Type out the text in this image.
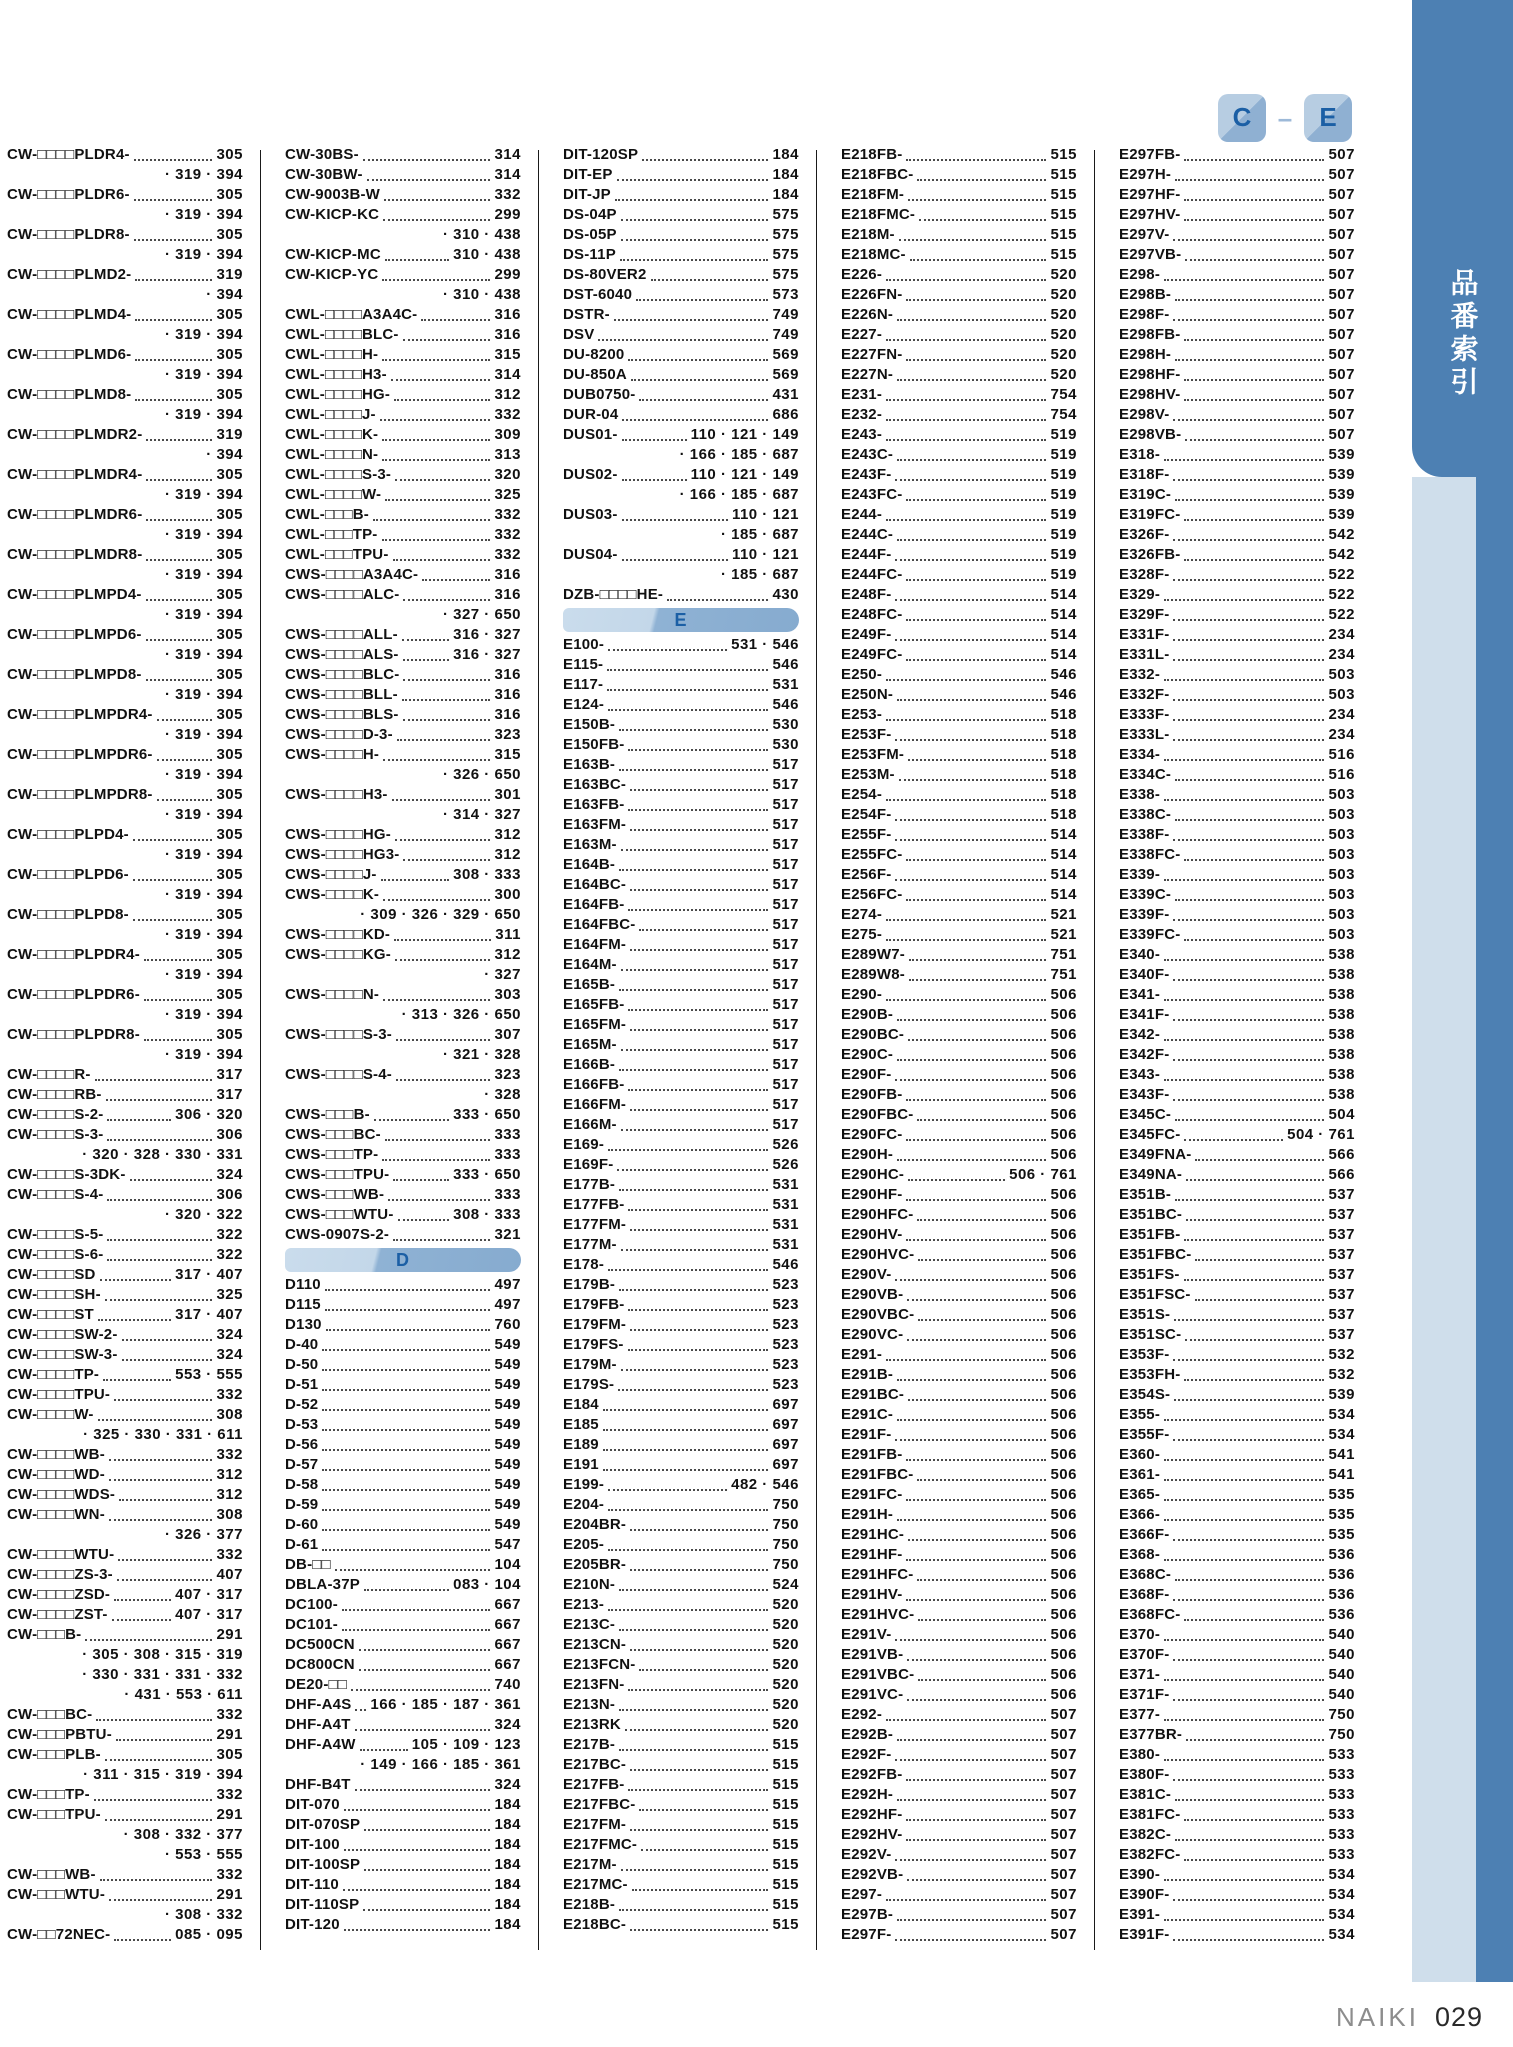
品番索引
C	–	E
CW-□□□□PLDR4-	305
· 319 · 394
CW-□□□□PLDR6-	305
· 319 · 394
CW-□□□□PLDR8-	305
· 319 · 394
CW-□□□□PLMD2-	319
· 394
CW-□□□□PLMD4-	305
· 319 · 394
CW-□□□□PLMD6-	305
· 319 · 394
CW-□□□□PLMD8-	305
· 319 · 394
CW-□□□□PLMDR2-	319
· 394
CW-□□□□PLMDR4-	305
· 319 · 394
CW-□□□□PLMDR6-	305
· 319 · 394
CW-□□□□PLMDR8-	305
· 319 · 394
CW-□□□□PLMPD4-	305
· 319 · 394
CW-□□□□PLMPD6-	305
· 319 · 394
CW-□□□□PLMPD8-	305
· 319 · 394
CW-□□□□PLMPDR4-	305
· 319 · 394
CW-□□□□PLMPDR6-	305
· 319 · 394
CW-□□□□PLMPDR8-	305
· 319 · 394
CW-□□□□PLPD4-	305
· 319 · 394
CW-□□□□PLPD6-	305
· 319 · 394
CW-□□□□PLPD8-	305
· 319 · 394
CW-□□□□PLPDR4-	305
· 319 · 394
CW-□□□□PLPDR6-	305
· 319 · 394
CW-□□□□PLPDR8-	305
· 319 · 394
CW-□□□□R-	317
CW-□□□□RB-	317
CW-□□□□S-2-	306 · 320
CW-□□□□S-3-	306
· 320 · 328 · 330 · 331
CW-□□□□S-3DK-	324
CW-□□□□S-4-	306
· 320 · 322
CW-□□□□S-5-	322
CW-□□□□S-6-	322
CW-□□□□SD	317 · 407
CW-□□□□SH-	325
CW-□□□□ST	317 · 407
CW-□□□□SW-2-	324
CW-□□□□SW-3-	324
CW-□□□□TP-	553 · 555
CW-□□□□TPU-	332
CW-□□□□W-	308
· 325 · 330 · 331 · 611
CW-□□□□WB-	332
CW-□□□□WD-	312
CW-□□□□WDS-	312
CW-□□□□WN-	308
· 326 · 377
CW-□□□□WTU-	332
CW-□□□□ZS-3-	407
CW-□□□□ZSD-	407 · 317
CW-□□□□ZST-	407 · 317
CW-□□□B-	291
· 305 · 308 · 315 · 319
· 330 · 331 · 331 · 332
· 431 · 553 · 611
CW-□□□BC-	332
CW-□□□PBTU-	291
CW-□□□PLB-	305
· 311 · 315 · 319 · 394
CW-□□□TP-	332
CW-□□□TPU-	291
· 308 · 332 · 377
· 553 · 555
CW-□□□WB-	332
CW-□□□WTU-	291
· 308 · 332
CW-□□72NEC-	085 · 095
CW-30BS-	314
CW-30BW-	314
CW-9003B-W	332
CW-KICP-KC	299
· 310 · 438
CW-KICP-MC	310 · 438
CW-KICP-YC	299
· 310 · 438
CWL-□□□□A3A4C-	316
CWL-□□□□BLC-	316
CWL-□□□□H-	315
CWL-□□□□H3-	314
CWL-□□□□HG-	312
CWL-□□□□J-	332
CWL-□□□□K-	309
CWL-□□□□N-	313
CWL-□□□□S-3-	320
CWL-□□□□W-	325
CWL-□□□B-	332
CWL-□□□TP-	332
CWL-□□□TPU-	332
CWS-□□□□A3A4C-	316
CWS-□□□□ALC-	316
· 327 · 650
CWS-□□□□ALL-	316 · 327
CWS-□□□□ALS-	316 · 327
CWS-□□□□BLC-	316
CWS-□□□□BLL-	316
CWS-□□□□BLS-	316
CWS-□□□□D-3-	323
CWS-□□□□H-	315
· 326 · 650
CWS-□□□□H3-	301
· 314 · 327
CWS-□□□□HG-	312
CWS-□□□□HG3-	312
CWS-□□□□J-	308 · 333
CWS-□□□□K-	300
· 309 · 326 · 329 · 650
CWS-□□□□KD-	311
CWS-□□□□KG-	312
· 327
CWS-□□□□N-	303
· 313 · 326 · 650
CWS-□□□□S-3-	307
· 321 · 328
CWS-□□□□S-4-	323
· 328
CWS-□□□B-	333 · 650
CWS-□□□BC-	333
CWS-□□□TP-	333
CWS-□□□TPU-	333 · 650
CWS-□□□WB-	333
CWS-□□□WTU-	308 · 333
CWS-0907S-2-	321
D
D110	497
D115	497
D130	760
D-40	549
D-50	549
D-51	549
D-52	549
D-53	549
D-56	549
D-57	549
D-58	549
D-59	549
D-60	549
D-61	547
DB-□□	104
DBLA-37P	083 · 104
DC100-	667
DC101-	667
DC500CN	667
DC800CN	667
DE20-□□	740
DHF-A4S 166 · 185 · 187 · 361
DHF-A4T	324
DHF-A4W	105 · 109 · 123
· 149 · 166 · 185 · 361
DHF-B4T	324
DIT-070	184
DIT-070SP	184
DIT-100	184
DIT-100SP	184
DIT-110	184
DIT-110SP	184
DIT-120	184
DIT-120SP	184
DIT-EP	184
DIT-JP	184
DS-04P	575
DS-05P	575
DS-11P	575
DS-80VER2	575
DST-6040	573
DSTR-	749
DSV	749
DU-8200	569
DU-850A	569
DUB0750-	431
DUR-04	686
DUS01-	110 · 121 · 149
· 166 · 185 · 687
DUS02-	110 · 121 · 149
· 166 · 185 · 687
DUS03-	110 · 121
· 185 · 687
DUS04-	110 · 121
· 185 · 687
DZB-□□□□HE-	430
E
E100-	531 · 546
E115-	546
E117-	531
E124-	546
E150B-	530
E150FB-	530
E163B-	517
E163BC-	517
E163FB-	517
E163FM-	517
E163M-	517
E164B-	517
E164BC-	517
E164FB-	517
E164FBC-	517
E164FM-	517
E164M-	517
E165B-	517
E165FB-	517
E165FM-	517
E165M-	517
E166B-	517
E166FB-	517
E166FM-	517
E166M-	517
E169-	526
E169F-	526
E177B-	531
E177FB-	531
E177FM-	531
E177M-	531
E178-	546
E179B-	523
E179FB-	523
E179FM-	523
E179FS-	523
E179M-	523
E179S-	523
E184	697
E185	697
E189	697
E191	697
E199-	482 · 546
E204-	750
E204BR-	750
E205-	750
E205BR-	750
E210N-	524
E213-	520
E213C-	520
E213CN-	520
E213FCN-	520
E213FN-	520
E213N-	520
E213RK	520
E217B-	515
E217BC-	515
E217FB-	515
E217FBC-	515
E217FM-	515
E217FMC-	515
E217M-	515
E217MC-	515
E218B-	515
E218BC-	515
E218FB-	515
E218FBC-	515
E218FM-	515
E218FMC-	515
E218M-	515
E218MC-	515
E226-	520
E226FN-	520
E226N-	520
E227-	520
E227FN-	520
E227N-	520
E231-	754
E232-	754
E243-	519
E243C-	519
E243F-	519
E243FC-	519
E244-	519
E244C-	519
E244F-	519
E244FC-	519
E248F-	514
E248FC-	514
E249F-	514
E249FC-	514
E250-	546
E250N-	546
E253-	518
E253F-	518
E253FM-	518
E253M-	518
E254-	518
E254F-	518
E255F-	514
E255FC-	514
E256F-	514
E256FC-	514
E274-	521
E275-	521
E289W7-	751
E289W8-	751
E290-	506
E290B-	506
E290BC-	506
E290C-	506
E290F-	506
E290FB-	506
E290FBC-	506
E290FC-	506
E290H-	506
E290HC-	506 · 761
E290HF-	506
E290HFC-	506
E290HV-	506
E290HVC-	506
E290V-	506
E290VB-	506
E290VBC-	506
E290VC-	506
E291-	506
E291B-	506
E291BC-	506
E291C-	506
E291F-	506
E291FB-	506
E291FBC-	506
E291FC-	506
E291H-	506
E291HC-	506
E291HF-	506
E291HFC-	506
E291HV-	506
E291HVC-	506
E291V-	506
E291VB-	506
E291VBC-	506
E291VC-	506
E292-	507
E292B-	507
E292F-	507
E292FB-	507
E292H-	507
E292HF-	507
E292HV-	507
E292V-	507
E292VB-	507
E297-	507
E297B-	507
E297F-	507
E297FB-	507
E297H-	507
E297HF-	507
E297HV-	507
E297V-	507
E297VB-	507
E298-	507
E298B-	507
E298F-	507
E298FB-	507
E298H-	507
E298HF-	507
E298HV-	507
E298V-	507
E298VB-	507
E318-	539
E318F-	539
E319C-	539
E319FC-	539
E326F-	542
E326FB-	542
E328F-	522
E329-	522
E329F-	522
E331F-	234
E331L-	234
E332-	503
E332F-	503
E333F-	234
E333L-	234
E334-	516
E334C-	516
E338-	503
E338C-	503
E338F-	503
E338FC-	503
E339-	503
E339C-	503
E339F-	503
E339FC-	503
E340-	538
E340F-	538
E341-	538
E341F-	538
E342-	538
E342F-	538
E343-	538
E343F-	538
E345C-	504
E345FC-	504 · 761
E349FNA-	566
E349NA-	566
E351B-	537
E351BC-	537
E351FB-	537
E351FBC-	537
E351FS-	537
E351FSC-	537
E351S-	537
E351SC-	537
E353F-	532
E353FH-	532
E354S-	539
E355-	534
E355F-	534
E360-	541
E361-	541
E365-	535
E366-	535
E366F-	535
E368-	536
E368C-	536
E368F-	536
E368FC-	536
E370-	540
E370F-	540
E371-	540
E371F-	540
E377-	750
E377BR-	750
E380-	533
E380F-	533
E381C-	533
E381FC-	533
E382C-	533
E382FC-	533
E390-	534
E390F-	534
E391-	534
E391F-	534
NAIKI 029
